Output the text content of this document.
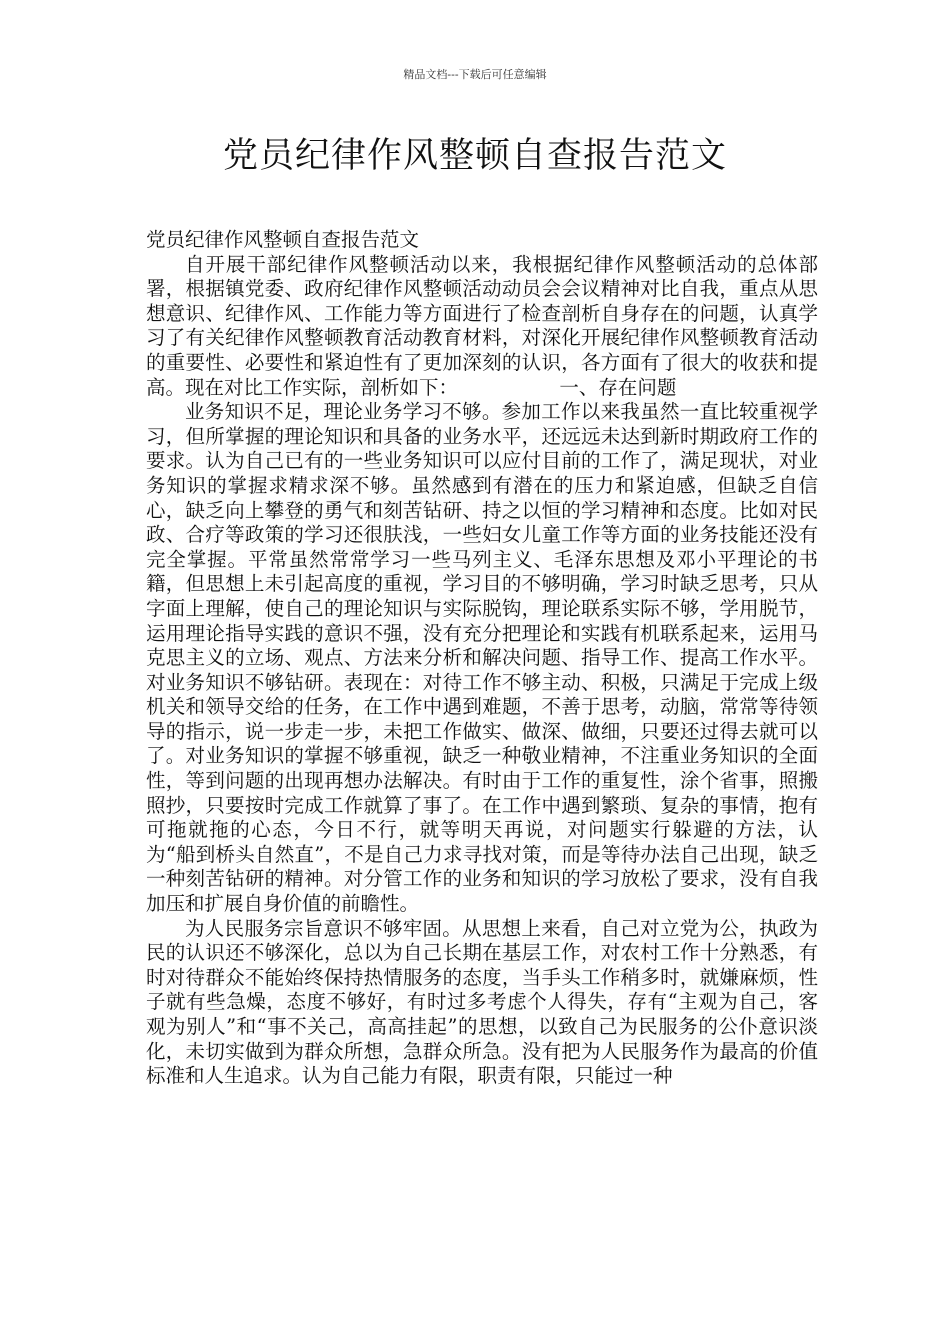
精品文档---下载后可任意编辑
党员纪律作风整顿自查报告范文

党员纪律作风整顿自查报告范文

自开展干部纪律作风整顿活动以来，我根据纪律作风整顿活动的总体部署，根据镇党委、政府纪律作风整顿活动动员会会议精神对比自我，重点从思想意识、纪律作风、工作能力等方面进行了检查剖析自身存在的问题，认真学习了有关纪律作风整顿教育活动教育材料，对深化开展纪律作风整顿教育活动的重要性、必要性和紧迫性有了更加深刻的认识，各方面有了很大的收获和提高。现在对比工作实际，剖析如下：	一、存在问题

业务知识不足，理论业务学习不够。参加工作以来我虽然一直比较重视学习，但所掌握的理论知识和具备的业务水平，还远远未达到新时期政府工作的要求。认为自己已有的一些业务知识可以应付目前的工作了，满足现状，对业务知识的掌握求精求深不够。虽然感到有潜在的压力和紧迫感，但缺乏自信心，缺乏向上攀登的勇气和刻苦钻研、持之以恒的学习精神和态度。比如对民政、合疗等政策的学习还很肤浅，一些妇女儿童工作等方面的业务技能还没有完全掌握。平常虽然常常学习一些马列主义、毛泽东思想及邓小平理论的书籍，但思想上未引起高度的重视，学习目的不够明确，学习时缺乏思考，只从字面上理解，使自己的理论知识与实际脱钩，理论联系实际不够，学用脱节，运用理论指导实践的意识不强，没有充分把理论和实践有机联系起来，运用马克思主义的立场、观点、方法来分析和解决问题、指导工作、提高工作水平。对业务知识不够钻研。表现在：对待工作不够主动、积极，只满足于完成上级机关和领导交给的任务，在工作中遇到难题，不善于思考，动脑，常常等待领导的指示，说一步走一步，未把工作做实、做深、做细，只要还过得去就可以了。对业务知识的掌握不够重视，缺乏一种敬业精神，不注重业务知识的全面性，等到问题的出现再想办法解决。有时由于工作的重复性，涂个省事，照搬照抄，只要按时完成工作就算了事了。在工作中遇到繁琐、复杂的事情，抱有可拖就拖的心态，今日不行，就等明天再说，对问题实行躲避的方法，认为“船到桥头自然直”，不是自己力求寻找对策，而是等待办法自己出现，缺乏一种刻苦钻研的精神。对分管工作的业务和知识的学习放松了要求，没有自我加压和扩展自身价值的前瞻性。

为人民服务宗旨意识不够牢固。从思想上来看，自己对立党为公，执政为民的认识还不够深化，总以为自己长期在基层工作，对农村工作十分熟悉，有时对待群众不能始终保持热情服务的态度，当手头工作稍多时，就嫌麻烦，性子就有些急燥，态度不够好，有时过多考虑个人得失，存有“主观为自己，客观为别人”和“事不关己，高高挂起”的思想，以致自己为民服务的公仆意识淡化，未切实做到为群众所想，急群众所急。没有把为人民服务作为最高的价值标准和人生追求。认为自己能力有限，职责有限，只能过一种
